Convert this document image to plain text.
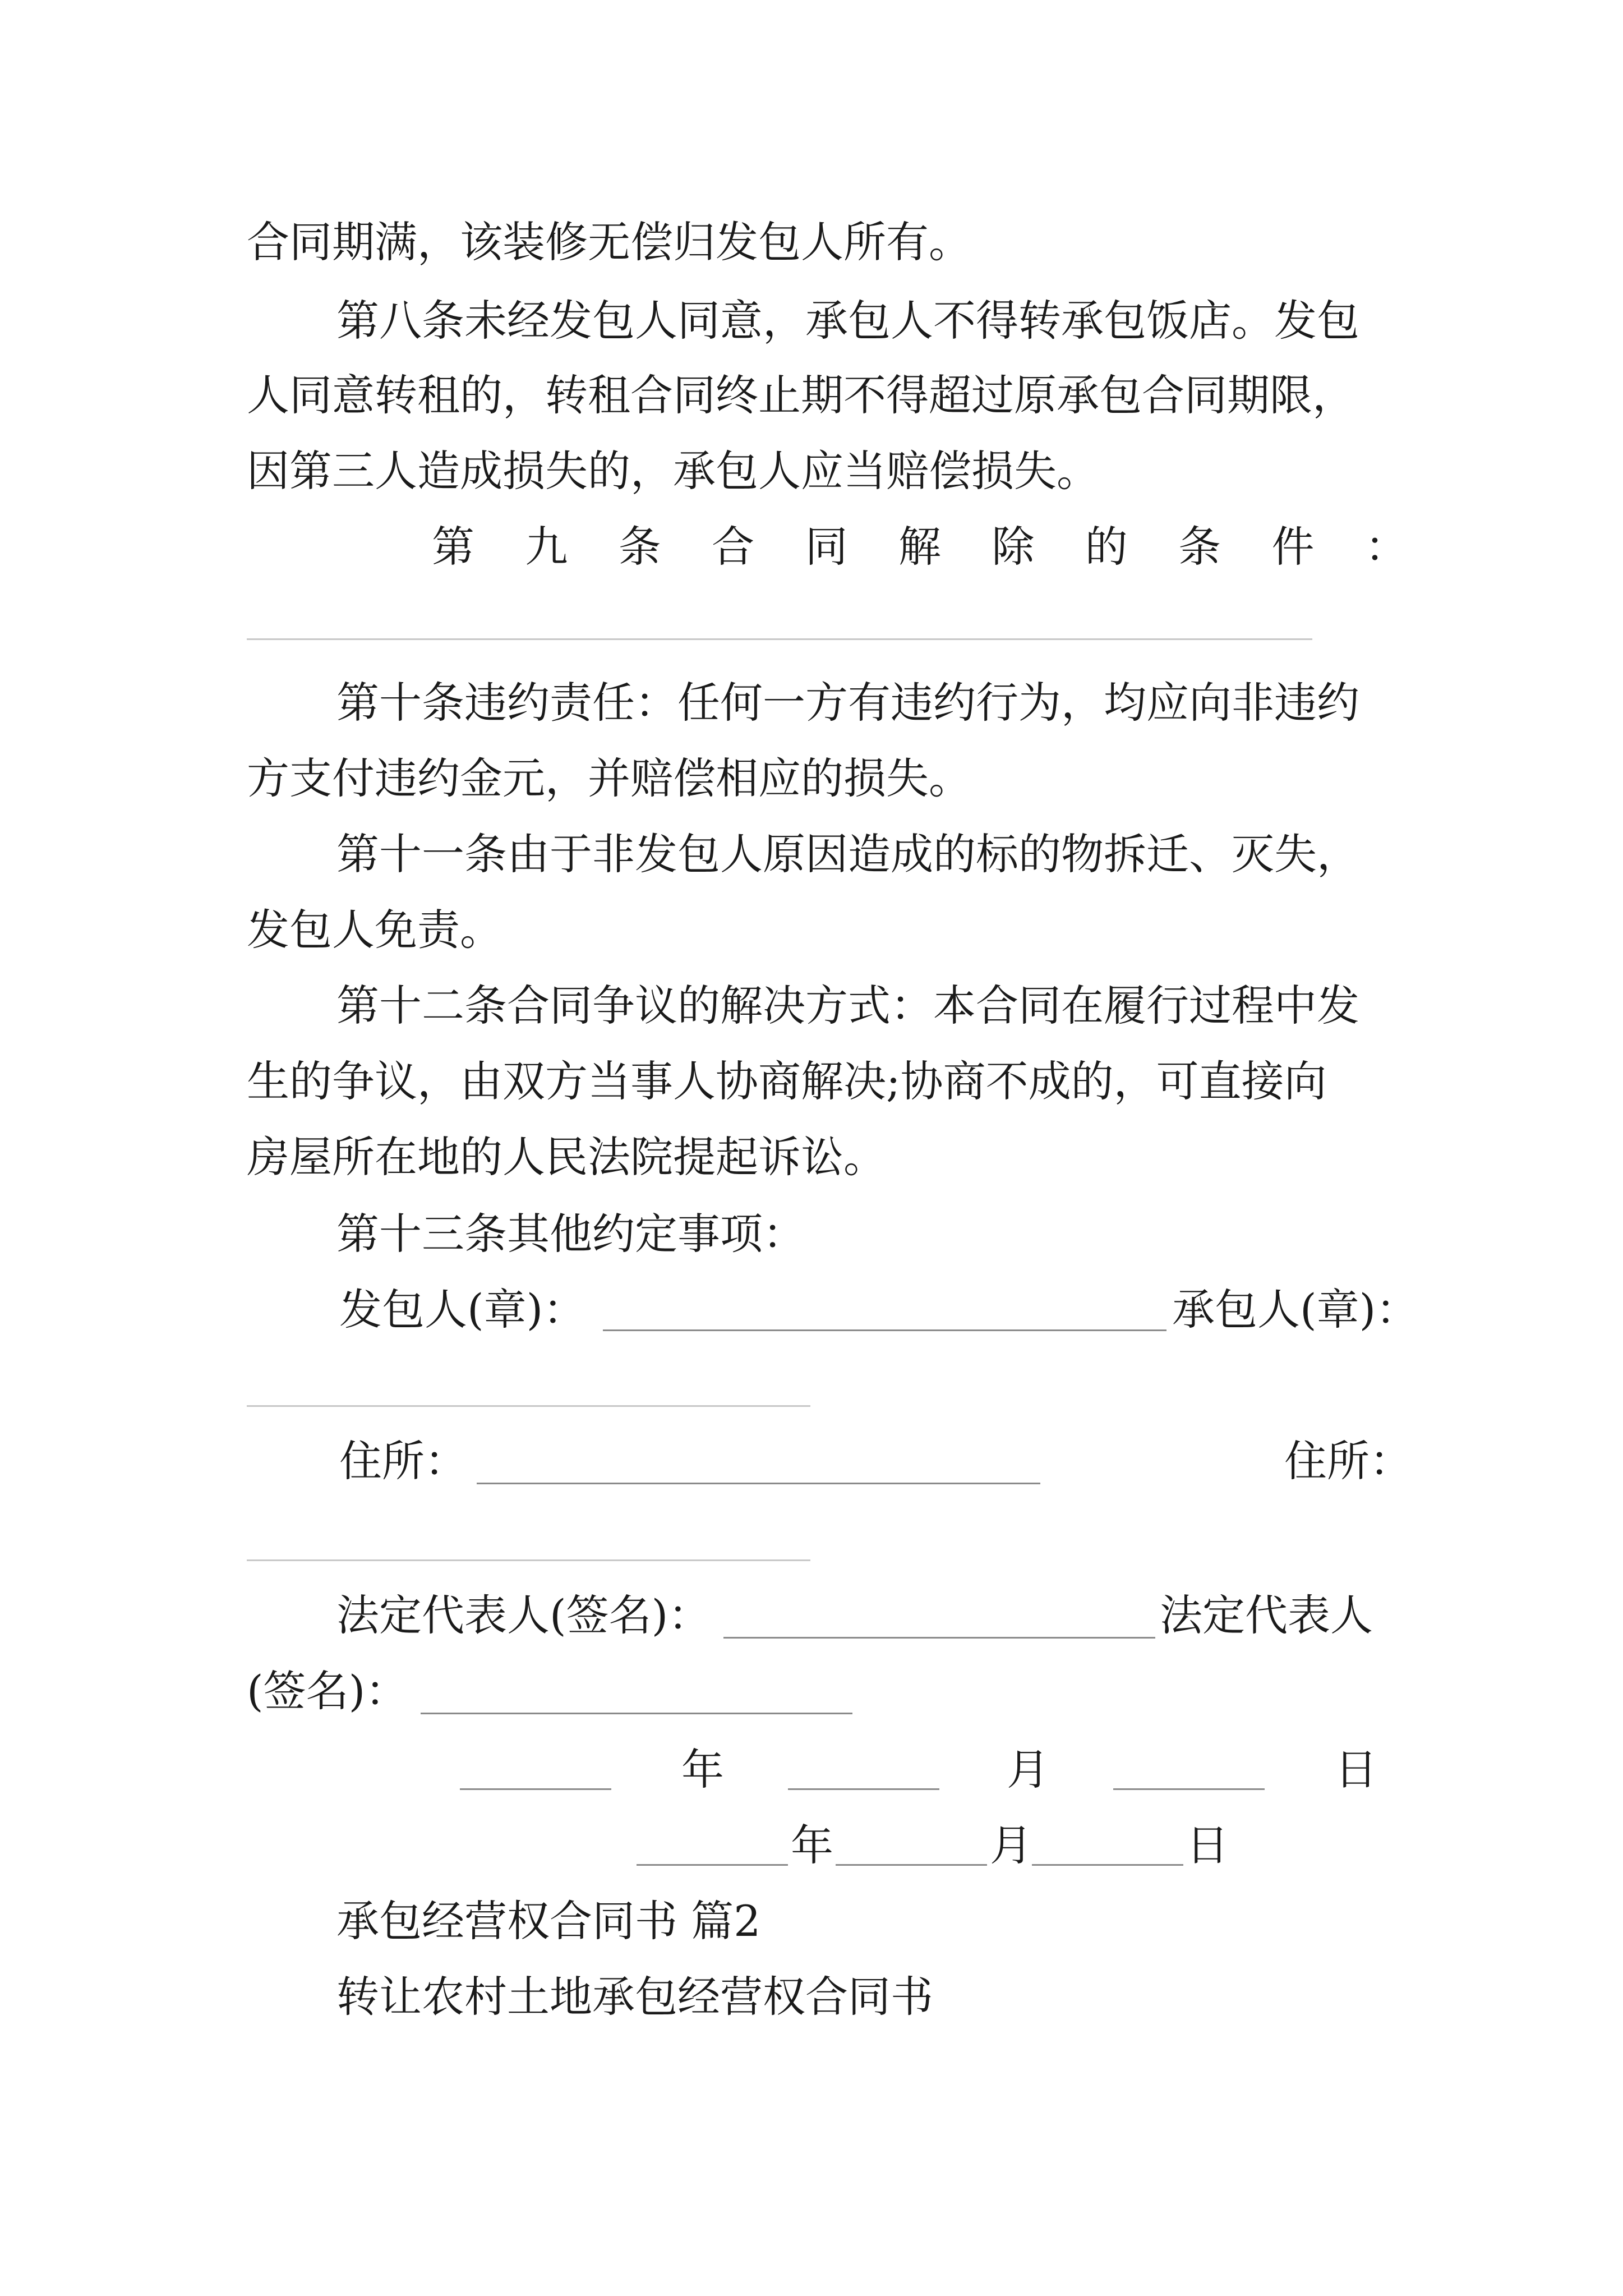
合同期满，该装修无偿归发包人所有。
第八条未经发包人同意，承包人不得转承包饭店。发包
人同意转租的，转租合同终止期不得超过原承包合同期限，
因第三人造成损失的，承包人应当赔偿损失。
第 九 条 合 同 解 除 的 条 件 ：
第十条违约责任：任何一方有违约行为，均应向非违约
方支付违约金元，并赔偿相应的损失。
第十一条由于非发包人原因造成的标的物拆迁、灭失，
发包人免责。
第十二条合同争议的解决方式：本合同在履行过程中发
生的争议，由双方当事人协商解决;协商不成的，可直接向
房屋所在地的人民法院提起诉讼。
第十三条其他约定事项：
发包人(章)：	承包人(章)：
住所：	住所：
法定代表人(签名)：	法定代表人
(签名)：
年	月	日
年	月	日
承包经营权合同书 篇2
转让农村土地承包经营权合同书
